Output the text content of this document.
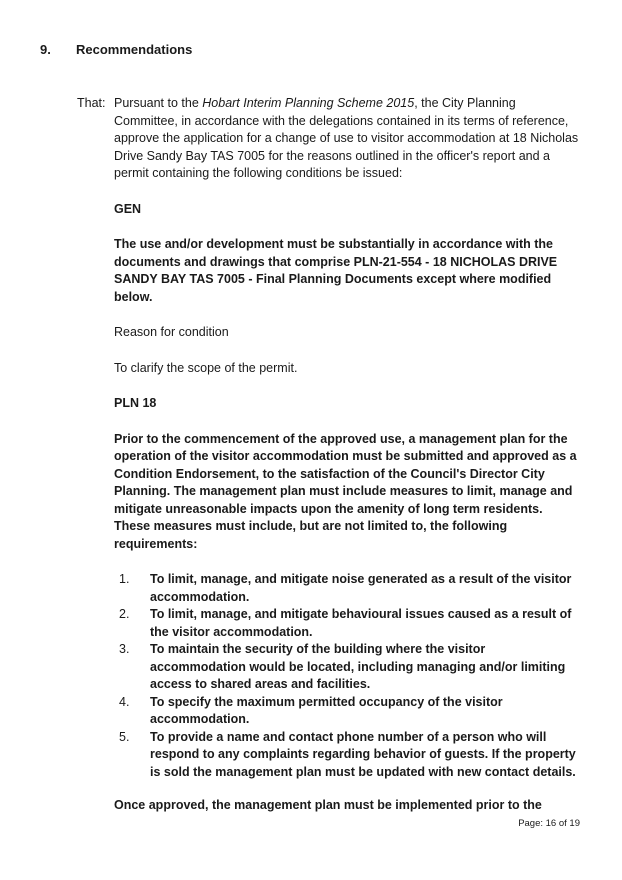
9. Recommendations
That: Pursuant to the Hobart Interim Planning Scheme 2015, the City Planning Committee, in accordance with the delegations contained in its terms of reference, approve the application for a change of use to visitor accommodation at 18 Nicholas Drive Sandy Bay TAS 7005 for the reasons outlined in the officer's report and a permit containing the following conditions be issued:

GEN

The use and/or development must be substantially in accordance with the documents and drawings that comprise PLN-21-554 - 18 NICHOLAS DRIVE SANDY BAY TAS 7005 - Final Planning Documents except where modified below.

Reason for condition

To clarify the scope of the permit.

PLN 18

Prior to the commencement of the approved use, a management plan for the operation of the visitor accommodation must be submitted and approved as a Condition Endorsement, to the satisfaction of the Council's Director City Planning. The management plan must include measures to limit, manage and mitigate unreasonable impacts upon the amenity of long term residents. These measures must include, but are not limited to, the following requirements:

1. To limit, manage, and mitigate noise generated as a result of the visitor accommodation.
2. To limit, manage, and mitigate behavioural issues caused as a result of the visitor accommodation.
3. To maintain the security of the building where the visitor accommodation would be located, including managing and/or limiting access to shared areas and facilities.
4. To specify the maximum permitted occupancy of the visitor accommodation.
5. To provide a name and contact phone number of a person who will respond to any complaints regarding behavior of guests. If the property is sold the management plan must be updated with new contact details.

Once approved, the management plan must be implemented prior to the

Page: 16 of 19
